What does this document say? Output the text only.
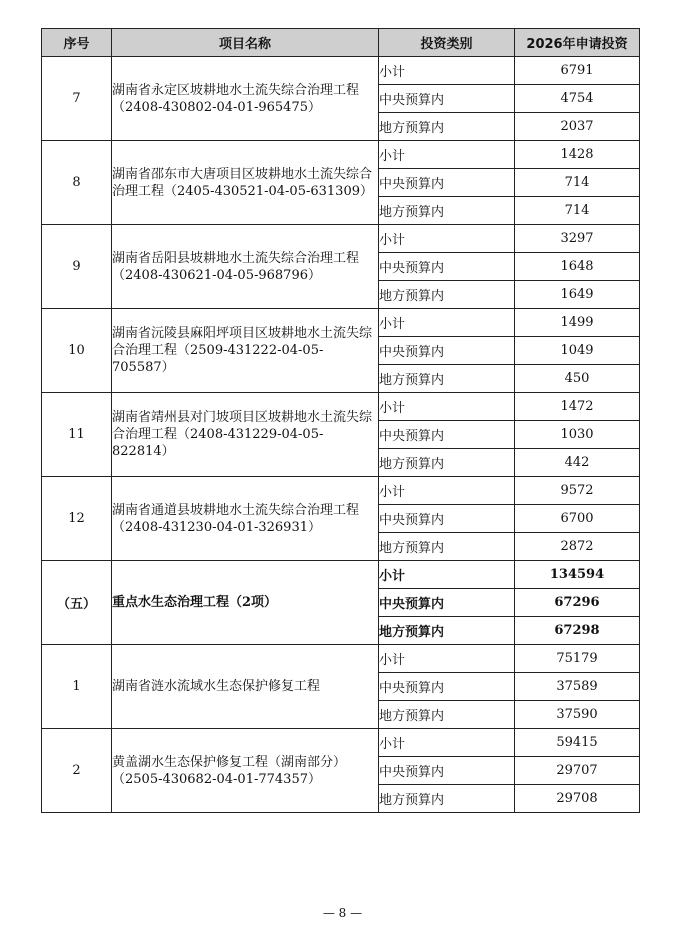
序号	项目名称	投资类别	2026年申请投资
7	湖南省永定区坡耕地水土流失综合治理工程（2408-430802-04-01-965475）	小计	6791
		中央预算内	4754
		地方预算内	2037
8	湖南省邵东市大唐项目区坡耕地水土流失综合治理工程（2405-430521-04-05-631309）	小计	1428
		中央预算内	714
		地方预算内	714
9	湖南省岳阳县坡耕地水土流失综合治理工程（2408-430621-04-05-968796）	小计	3297
		中央预算内	1648
		地方预算内	1649
10	湖南省沅陵县麻阳坪项目区坡耕地水土流失综合治理工程（2509-431222-04-05-705587）	小计	1499
		中央预算内	1049
		地方预算内	450
11	湖南省靖州县对门坡项目区坡耕地水土流失综合治理工程（2408-431229-04-05-822814）	小计	1472
		中央预算内	1030
		地方预算内	442
12	湖南省通道县坡耕地水土流失综合治理工程（2408-431230-04-01-326931）	小计	9572
		中央预算内	6700
		地方预算内	2872
（五）	重点水生态治理工程（2项）	小计	134594
		中央预算内	67296
		地方预算内	67298
1	湖南省涟水流域水生态保护修复工程	小计	75179
		中央预算内	37589
		地方预算内	37590
2	黄盖湖水生态保护修复工程（湖南部分）（2505-430682-04-01-774357）	小计	59415
		中央预算内	29707
		地方预算内	29708
— 8 —
